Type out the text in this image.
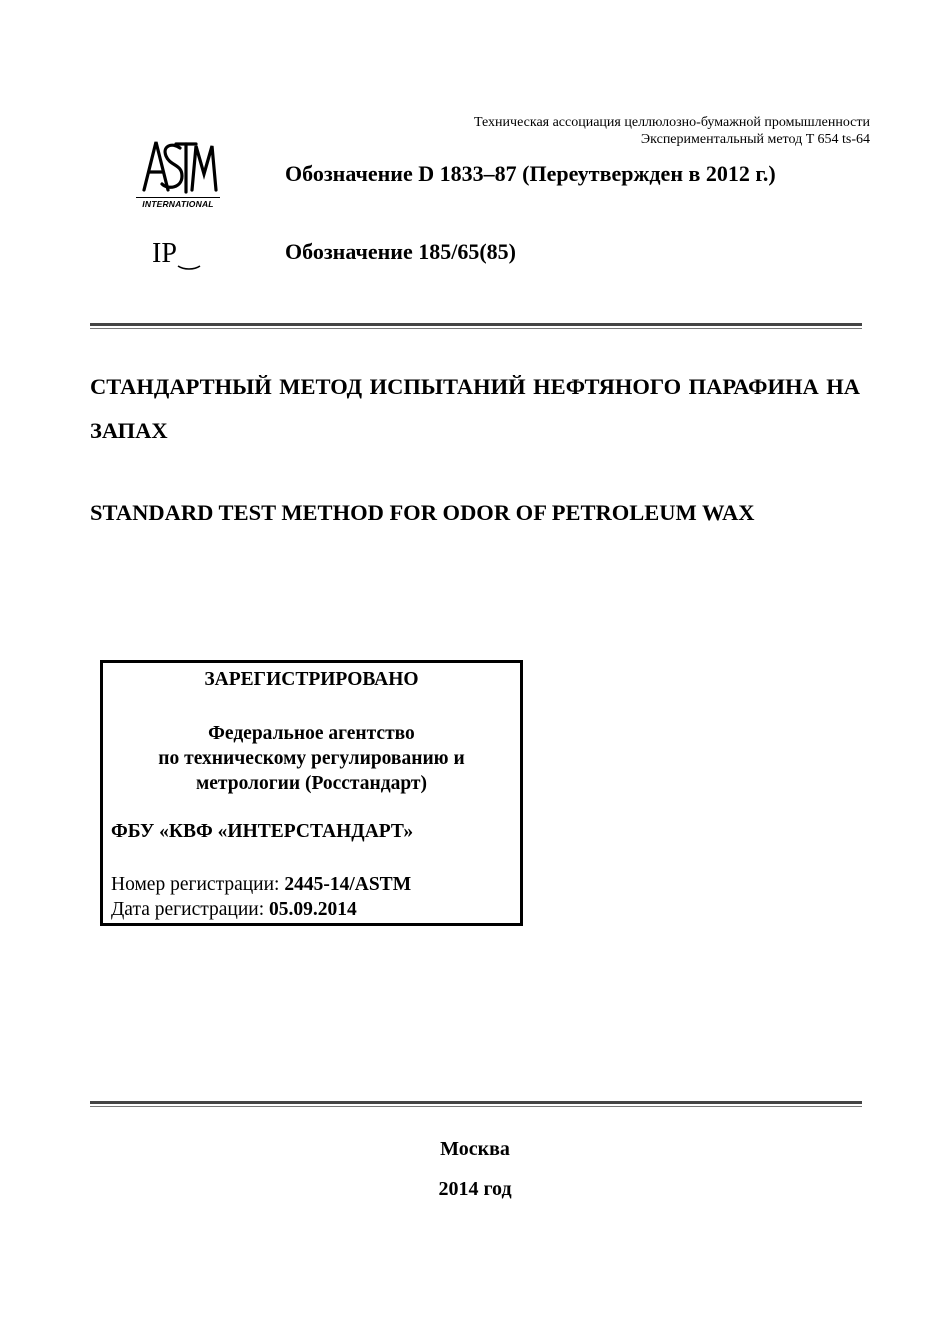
Техническая ассоциация целлюлозно-бумажной промышленности
Экспериментальный метод T 654 ts-64
ASTM
INTERNATIONAL
Обозначение D 1833–87 (Переутвержден в 2012 г.)
IP	Обозначение 185/65(85)
СТАНДАРТНЫЙ МЕТОД ИСПЫТАНИЙ НЕФТЯНОГО ПАРАФИНА НА ЗАПАХ
STANDARD TEST METHOD FOR ODOR OF PETROLEUM WAX
ЗАРЕГИСТРИРОВАНО
Федеральное агентство
по техническому регулированию и
метрологии (Росстандарт)
ФБУ «КВФ «ИНТЕРСТАНДАРТ»
Номер регистрации: 2445-14/ASTM
Дата регистрации: 05.09.2014
Москва
2014 год
